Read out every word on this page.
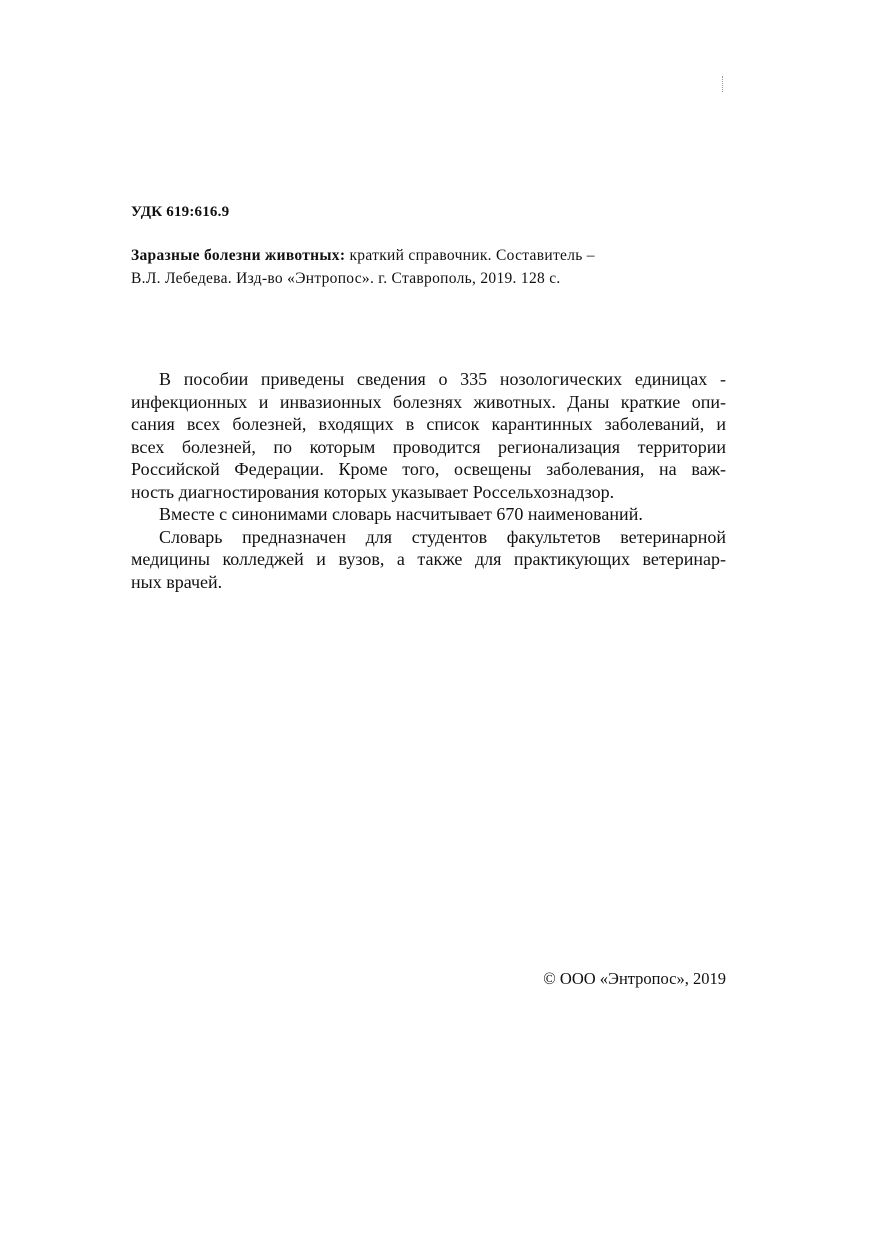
УДК 619:616.9
Заразные болезни животных: краткий справочник. Составитель –
В.Л. Лебедева. Изд-во «Энтропос». г. Ставрополь, 2019. 128 с.
В пособии приведены сведения о 335 нозологических единицах -
инфекционных и инвазионных болезнях животных. Даны краткие опи-
сания всех болезней, входящих в список карантинных заболеваний, и
всех болезней, по которым проводится регионализация территории
Российской Федерации. Кроме того, освещены заболевания, на важ-
ность диагностирования которых указывает Россельхознадзор.
Вместе с синонимами словарь насчитывает 670 наименований.
Словарь предназначен для студентов факультетов ветеринарной
медицины колледжей и вузов, а также для практикующих ветеринар-
ных врачей.
© ООО «Энтропос», 2019
